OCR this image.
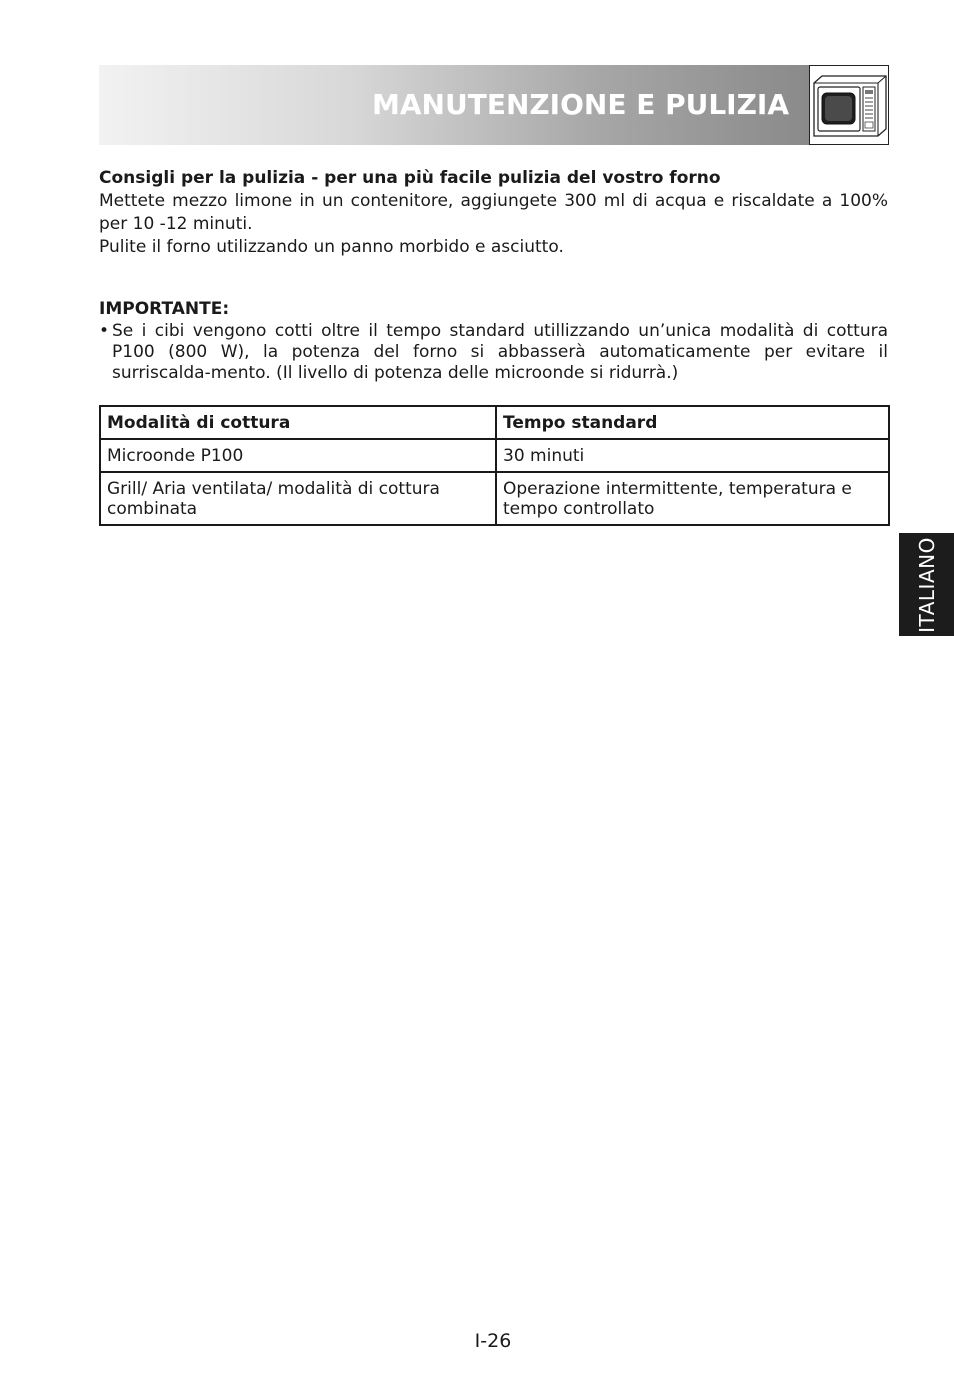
MANUTENZIONE E PULIZIA

Consigli per la pulizia - per una più facile pulizia del vostro forno

Mettete mezzo limone in un contenitore, aggiungete 300 ml di acqua e riscaldate a 100% per 10 -12 minuti.

Pulite il forno utilizzando un panno morbido e asciutto.

IMPORTANTE:

• Se i cibi vengono cotti oltre il tempo standard utillizzando un’unica modalità di cottura P100 (800 W), la potenza del forno si abbasserà automaticamente per evitare il surriscalda-mento. (Il livello di potenza delle microonde si ridurrà.)
Modalità di cottura	Tempo standard
Microonde P100	30 minuti
Grill/ Aria ventilata/ modalità di cottura combinata	Operazione intermittente, temperatura e tempo controllato
ITALIANO
I-26
